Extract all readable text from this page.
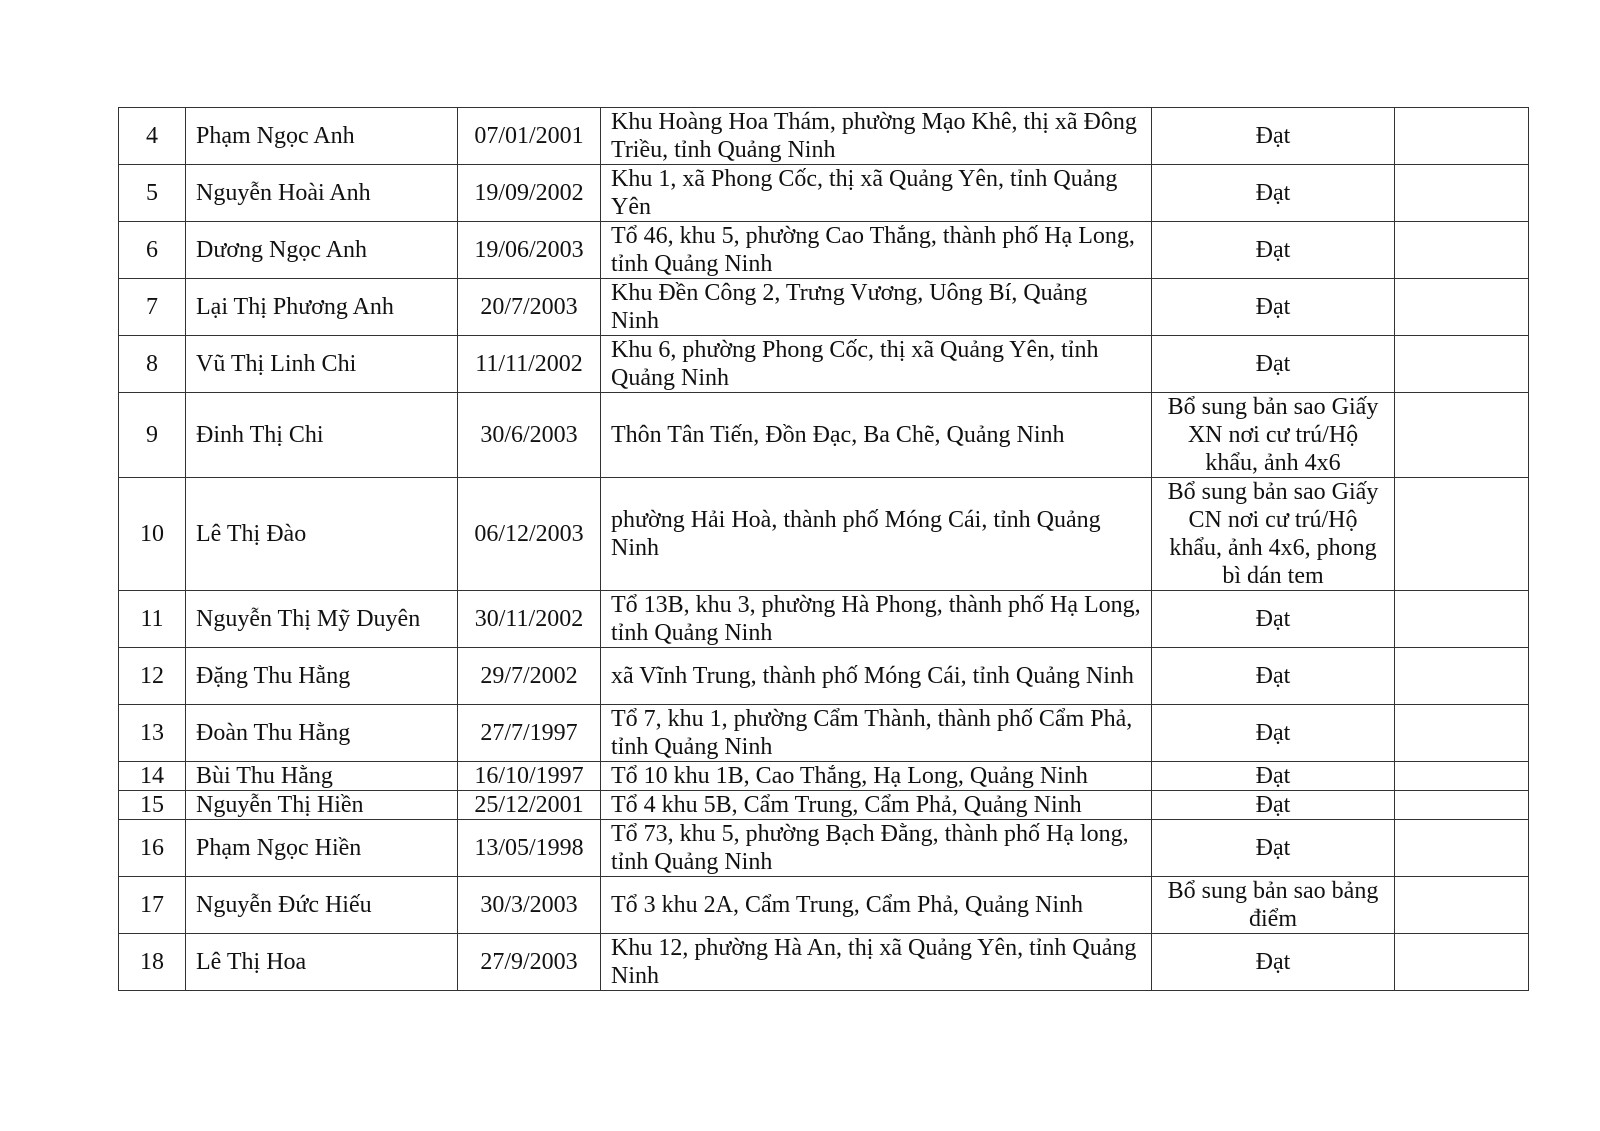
4	Phạm Ngọc Anh	07/01/2001	Khu Hoàng Hoa Thám, phường Mạo Khê, thị xã Đông Triều, tỉnh Quảng Ninh	Đạt	
5	Nguyễn Hoài Anh	19/09/2002	Khu 1, xã Phong Cốc, thị xã Quảng Yên, tỉnh Quảng Yên	Đạt	
6	Dương Ngọc Anh	19/06/2003	Tổ 46, khu 5, phường Cao Thắng, thành phố Hạ Long, tỉnh Quảng Ninh	Đạt	
7	Lại Thị Phương Anh	20/7/2003	Khu Đền Công 2, Trưng Vương, Uông Bí, Quảng Ninh	Đạt	
8	Vũ Thị Linh Chi	11/11/2002	Khu 6, phường Phong Cốc, thị xã Quảng Yên, tỉnh Quảng Ninh	Đạt	
9	Đinh Thị Chi	30/6/2003	Thôn Tân Tiến, Đồn Đạc, Ba Chẽ, Quảng Ninh	Bổ sung bản sao Giấy XN nơi cư trú/Hộ khẩu, ảnh 4x6	
10	Lê Thị Đào	06/12/2003	phường Hải Hoà, thành phố Móng Cái, tỉnh Quảng Ninh	Bổ sung bản sao Giấy CN nơi cư trú/Hộ khẩu, ảnh 4x6, phong bì dán tem	
11	Nguyễn Thị Mỹ Duyên	30/11/2002	Tổ 13B, khu 3, phường Hà Phong, thành phố Hạ Long, tỉnh Quảng Ninh	Đạt	
12	Đặng Thu Hằng	29/7/2002	xã Vĩnh Trung, thành phố Móng Cái, tỉnh Quảng Ninh	Đạt	
13	Đoàn Thu Hằng	27/7/1997	Tổ 7, khu 1, phường Cẩm Thành, thành phố Cẩm Phả, tỉnh Quảng Ninh	Đạt	
14	Bùi Thu Hằng	16/10/1997	Tổ 10 khu 1B, Cao Thắng, Hạ Long, Quảng Ninh	Đạt	
15	Nguyễn Thị Hiền	25/12/2001	Tổ 4 khu 5B, Cẩm Trung, Cẩm Phả, Quảng Ninh	Đạt	
16	Phạm Ngọc Hiền	13/05/1998	Tổ 73, khu 5, phường Bạch Đằng, thành phố Hạ long, tỉnh Quảng Ninh	Đạt	
17	Nguyễn Đức Hiếu	30/3/2003	Tổ 3 khu 2A, Cẩm Trung, Cẩm Phả, Quảng Ninh	Bổ sung bản sao bảng điểm	
18	Lê Thị Hoa	27/9/2003	Khu 12, phường Hà An, thị xã Quảng Yên, tỉnh Quảng Ninh	Đạt	
